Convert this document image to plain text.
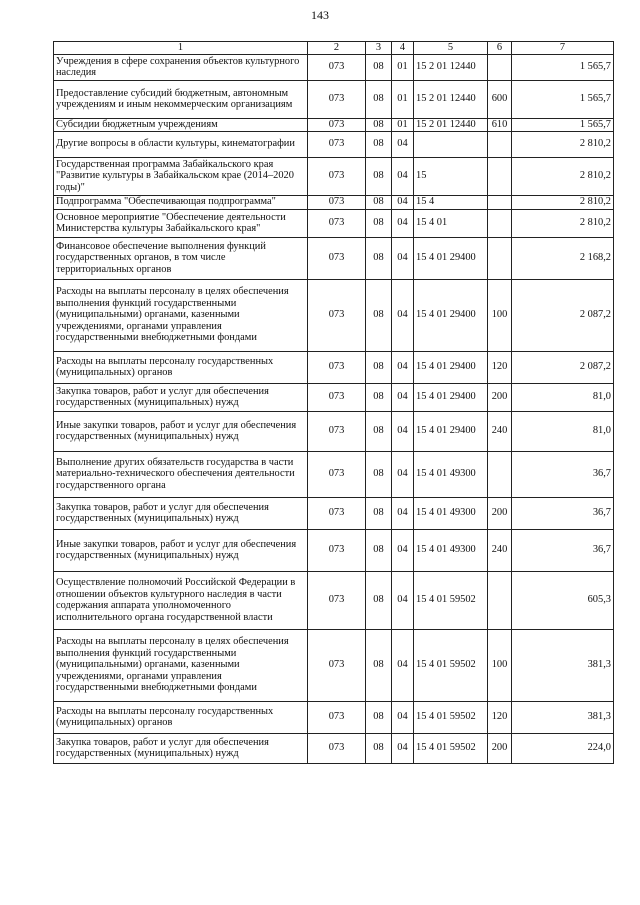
143
1	2	3	4	5	6	7
Учреждения в сфере сохранения объектов культурного наследия	073	08	01	15 2 01 12440		1 565,7
Предоставление субсидий бюджетным, автономным учреждениям и иным некоммерческим организациям	073	08	01	15 2 01 12440	600	1 565,7
Субсидии бюджетным учреждениям	073	08	01	15 2 01 12440	610	1 565,7
Другие вопросы в области культуры, кинематографии	073	08	04			2 810,2
Государственная программа Забайкальского края "Развитие культуры в Забайкальском крае (2014–2020 годы)"	073	08	04	15		2 810,2
Подпрограмма "Обеспечивающая подпрограмма"	073	08	04	15 4		2 810,2
Основное мероприятие "Обеспечение деятельности Министерства культуры Забайкальского края"	073	08	04	15 4 01		2 810,2
Финансовое обеспечение выполнения функций государственных органов, в том числе территориальных органов	073	08	04	15 4 01 29400		2 168,2
Расходы на выплаты персоналу в целях обеспечения выполнения функций государственными (муниципальными) органами, казенными учреждениями, органами управления государственными внебюджетными фондами	073	08	04	15 4 01 29400	100	2 087,2
Расходы на выплаты персоналу государственных (муниципальных) органов	073	08	04	15 4 01 29400	120	2 087,2
Закупка товаров, работ и услуг для обеспечения государственных (муниципальных) нужд	073	08	04	15 4 01 29400	200	81,0
Иные закупки товаров, работ и услуг для обеспечения государственных (муниципальных) нужд	073	08	04	15 4 01 29400	240	81,0
Выполнение других обязательств государства в части материально-технического обеспечения деятельности государственного органа	073	08	04	15 4 01 49300		36,7
Закупка товаров, работ и услуг для обеспечения государственных (муниципальных) нужд	073	08	04	15 4 01 49300	200	36,7
Иные закупки товаров, работ и услуг для обеспечения государственных (муниципальных) нужд	073	08	04	15 4 01 49300	240	36,7
Осуществление полномочий Российской Федерации в отношении объектов культурного наследия в части содержания аппарата уполномоченного исполнительного органа государственной власти	073	08	04	15 4 01 59502		605,3
Расходы на выплаты персоналу в целях обеспечения выполнения функций государственными (муниципальными) органами, казенными учреждениями, органами управления государственными внебюджетными фондами	073	08	04	15 4 01 59502	100	381,3
Расходы на выплаты персоналу государственных (муниципальных) органов	073	08	04	15 4 01 59502	120	381,3
Закупка товаров, работ и услуг для обеспечения государственных (муниципальных) нужд	073	08	04	15 4 01 59502	200	224,0
